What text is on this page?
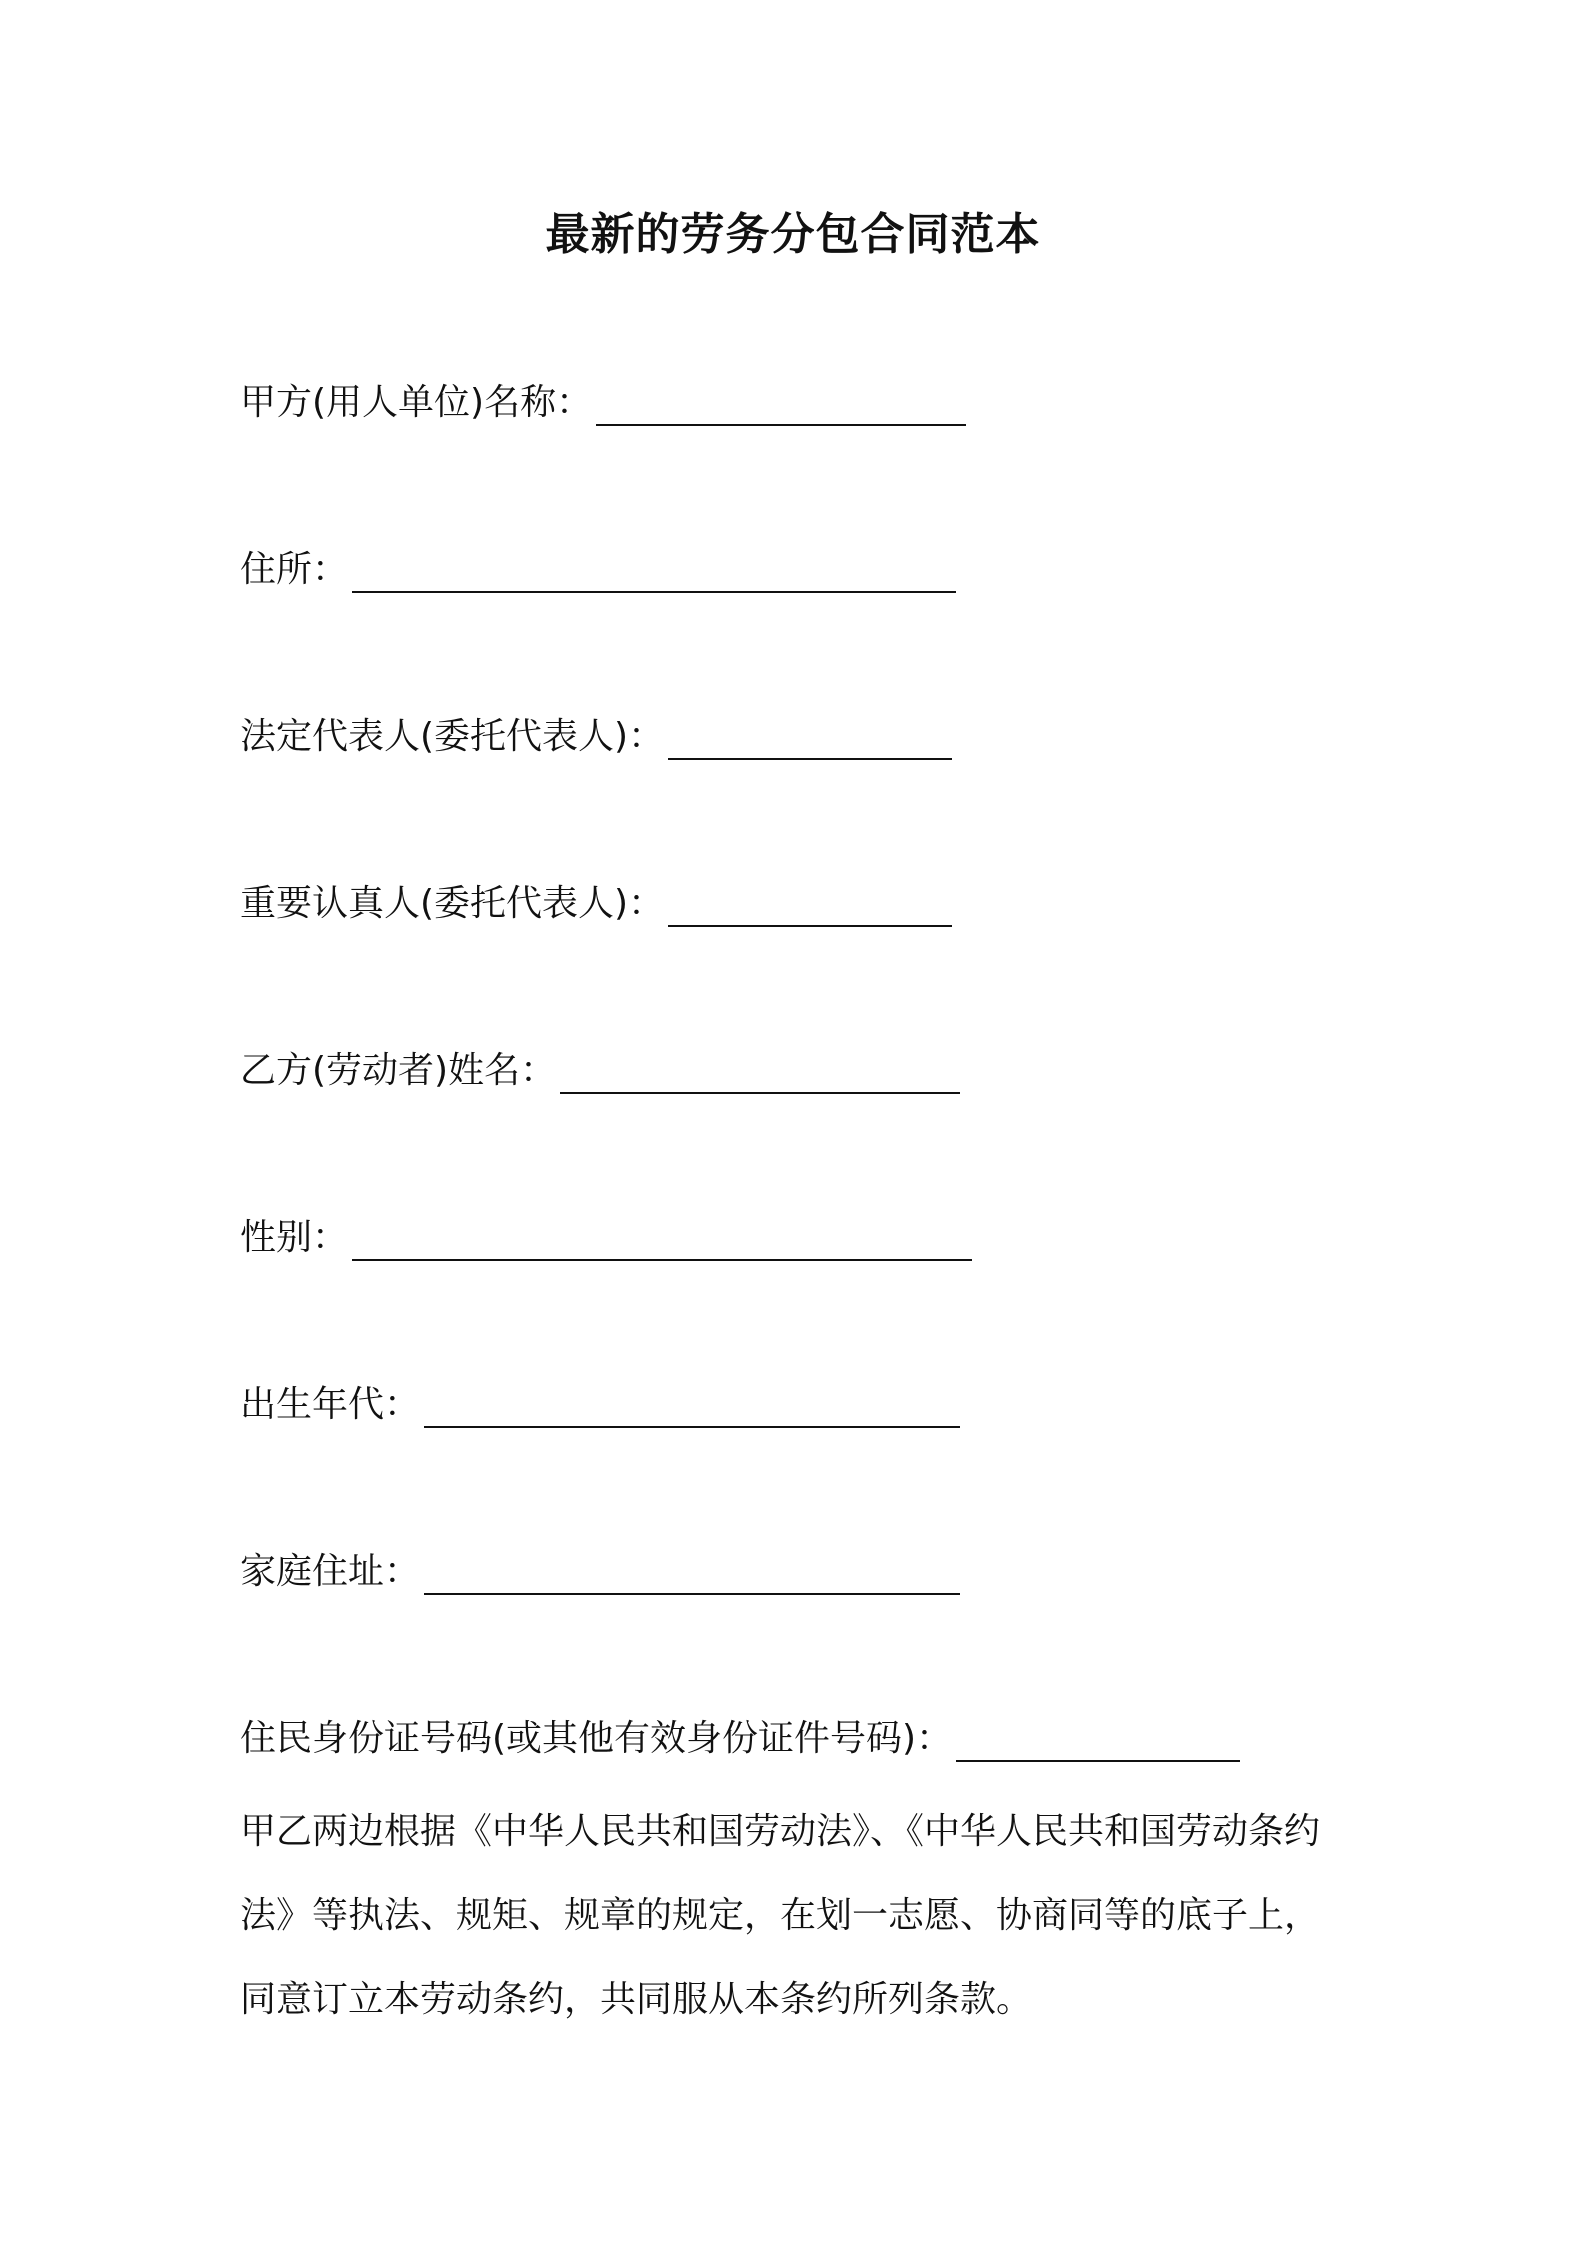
最新的劳务分包合同范本
甲方(用人单位)名称：
住所：
法定代表人(委托代表人)：
重要认真人(委托代表人)：
乙方(劳动者)姓名：
性别：
出生年代：
家庭住址：
住民身份证号码(或其他有效身份证件号码)：

甲乙两边根据《中华人民共和国劳动法》、《中华人民共和国劳动条约

法》等执法、规矩、规章的规定，在划一志愿、协商同等的底子上，

同意订立本劳动条约，共同服从本条约所列条款。
